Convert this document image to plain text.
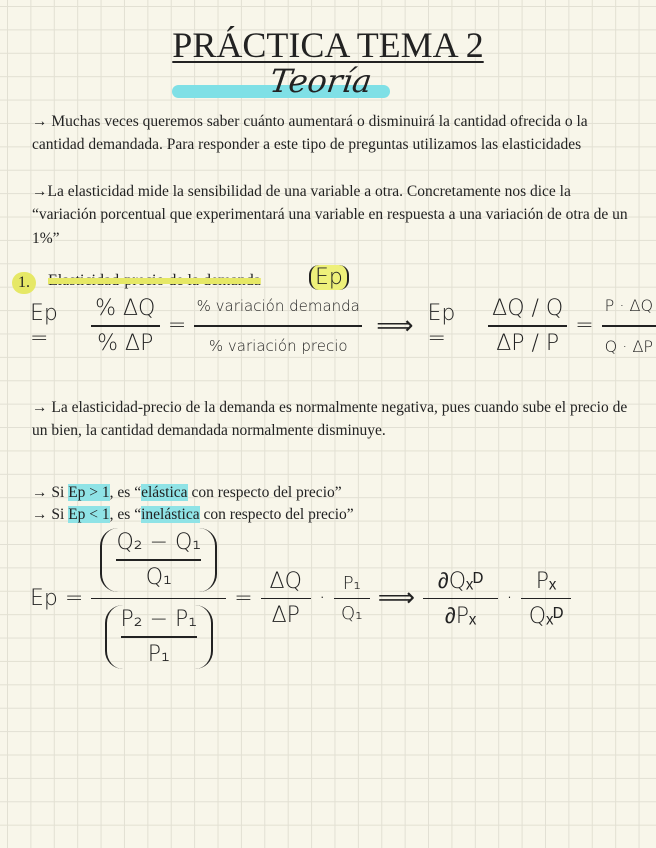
PRÁCTICA TEMA 2
Teoría
→ Muchas veces queremos saber cuánto aumentará o disminuirá la cantidad ofrecida o la cantidad demandada. Para responder a este tipo de preguntas utilizamos las elasticidades
→La elasticidad mide la sensibilidad de una variable a otra. Concretamente nos dice la “variación porcentual que experimentará una variable en respuesta a una variación de otra de un 1%”
1.	Elasticidad-precio de la demanda Ep
Ep =	$\frac{\% \Delta Q}{\% \Delta P} = \frac{\text{\% variación demanda}}{\text{\% variación precio}}$ ⟹ Ep =	$\frac{\Delta Q / Q}{\Delta P / P} = \frac{P \cdot \Delta Q}{Q \cdot \Delta P}$
→ La elasticidad-precio de la demanda es normalmente negativa, pues cuando sube el precio de un bien, la cantidad demandada normalmente disminuye.
→ Si Ep > 1, es “elástica con respecto del precio”
→ Si Ep < 1, es “inelástica con respecto del precio”
$Ep = \frac{\frac{\text{Q₂ − Q₁}}{\text{Q₁}}}{\frac{\text{P₂ − P₁}}{\text{P₁}}} = \frac{\Delta Q}{\Delta P} \cdot \frac{\text{P₁}}{\text{Q₁}}$ ⟹ $\frac{\text{∂Qₓᴰ}}{\text{∂Pₓ}} \cdot \frac{\text{Pₓ}}{\text{Qₓᴰ}}$
